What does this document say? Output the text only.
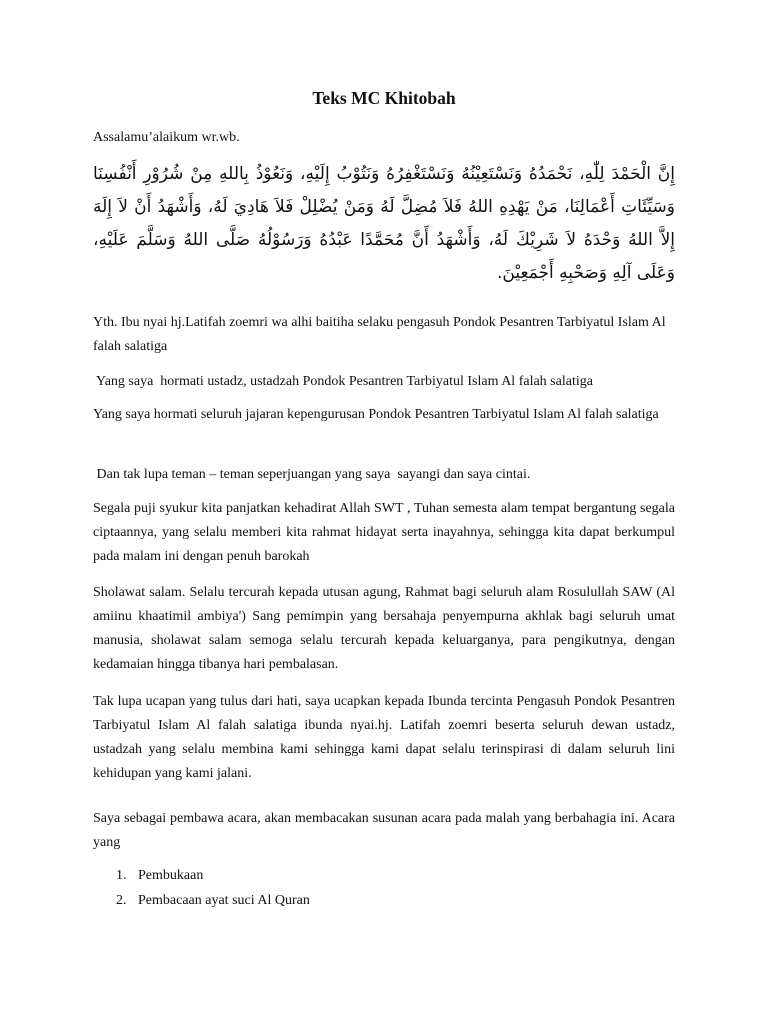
Teks MC Khitobah

Assalamu’alaikum wr.wb.

إِنَّ الْحَمْدَ لِلّٰهِ، نَحْمَدُهُ وَنَسْتَعِيْنُهُ وَنَسْتَغْفِرُهُ وَنَتُوْبُ إِلَيْهِ، وَنَعُوْذُ بِاللهِ مِنْ شُرُوْرِ أَنْفُسِنَا وَسَيِّئَاتِ أَعْمَالِنَا، مَنْ يَهْدِهِ اللهُ فَلاَ مُضِلَّ لَهُ وَمَنْ يُضْلِلْ فَلاَ هَادِيَ لَهُ، وَأَشْهَدُ أَنْ لاَ إِلَهَ إِلاَّ اللهُ وَحْدَهُ لاَ شَرِيْكَ لَهُ، وَأَشْهَدُ أَنَّ مُحَمَّدًا عَبْدُهُ وَرَسُوْلُهُ صَلَّى اللهُ وَسَلَّمَ عَلَيْهِ، وَعَلَى آلِهِ وَصَحْبِهِ أَجْمَعِيْنَ.

Yth. Ibu nyai hj.Latifah zoemri wa alhi baitiha selaku pengasuh Pondok Pesantren Tarbiyatul Islam Al falah salatiga

Yang saya  hormati ustadz, ustadzah Pondok Pesantren Tarbiyatul Islam Al falah salatiga

Yang saya hormati seluruh jajaran kepengurusan Pondok Pesantren Tarbiyatul Islam Al falah salatiga

Dan tak lupa teman – teman seperjuangan yang saya  sayangi dan saya cintai.

Segala puji syukur kita panjatkan kehadirat Allah SWT , Tuhan semesta alam tempat bergantung segala ciptaannya, yang selalu memberi kita rahmat hidayat serta inayahnya, sehingga kita dapat berkumpul pada malam ini dengan penuh barokah

Sholawat salam. Selalu tercurah kepada utusan agung, Rahmat bagi seluruh alam Rosulullah SAW (Al amiinu khaatimil ambiya') Sang pemimpin yang bersahaja penyempurna akhlak bagi seluruh umat manusia, sholawat salam semoga selalu tercurah kepada keluarganya, para pengikutnya, dengan kedamaian hingga tibanya hari pembalasan.

Tak lupa ucapan yang tulus dari hati, saya ucapkan kepada Ibunda tercinta Pengasuh Pondok Pesantren Tarbiyatul Islam Al falah salatiga ibunda nyai.hj. Latifah zoemri beserta seluruh dewan ustadz, ustadzah yang selalu membina kami sehingga kami dapat selalu terinspirasi di dalam seluruh lini kehidupan yang kami jalani.

Saya sebagai pembawa acara, akan membacakan susunan acara pada malah yang berbahagia ini. Acara yang

1. Pembukaan

2. Pembacaan ayat suci Al Quran
